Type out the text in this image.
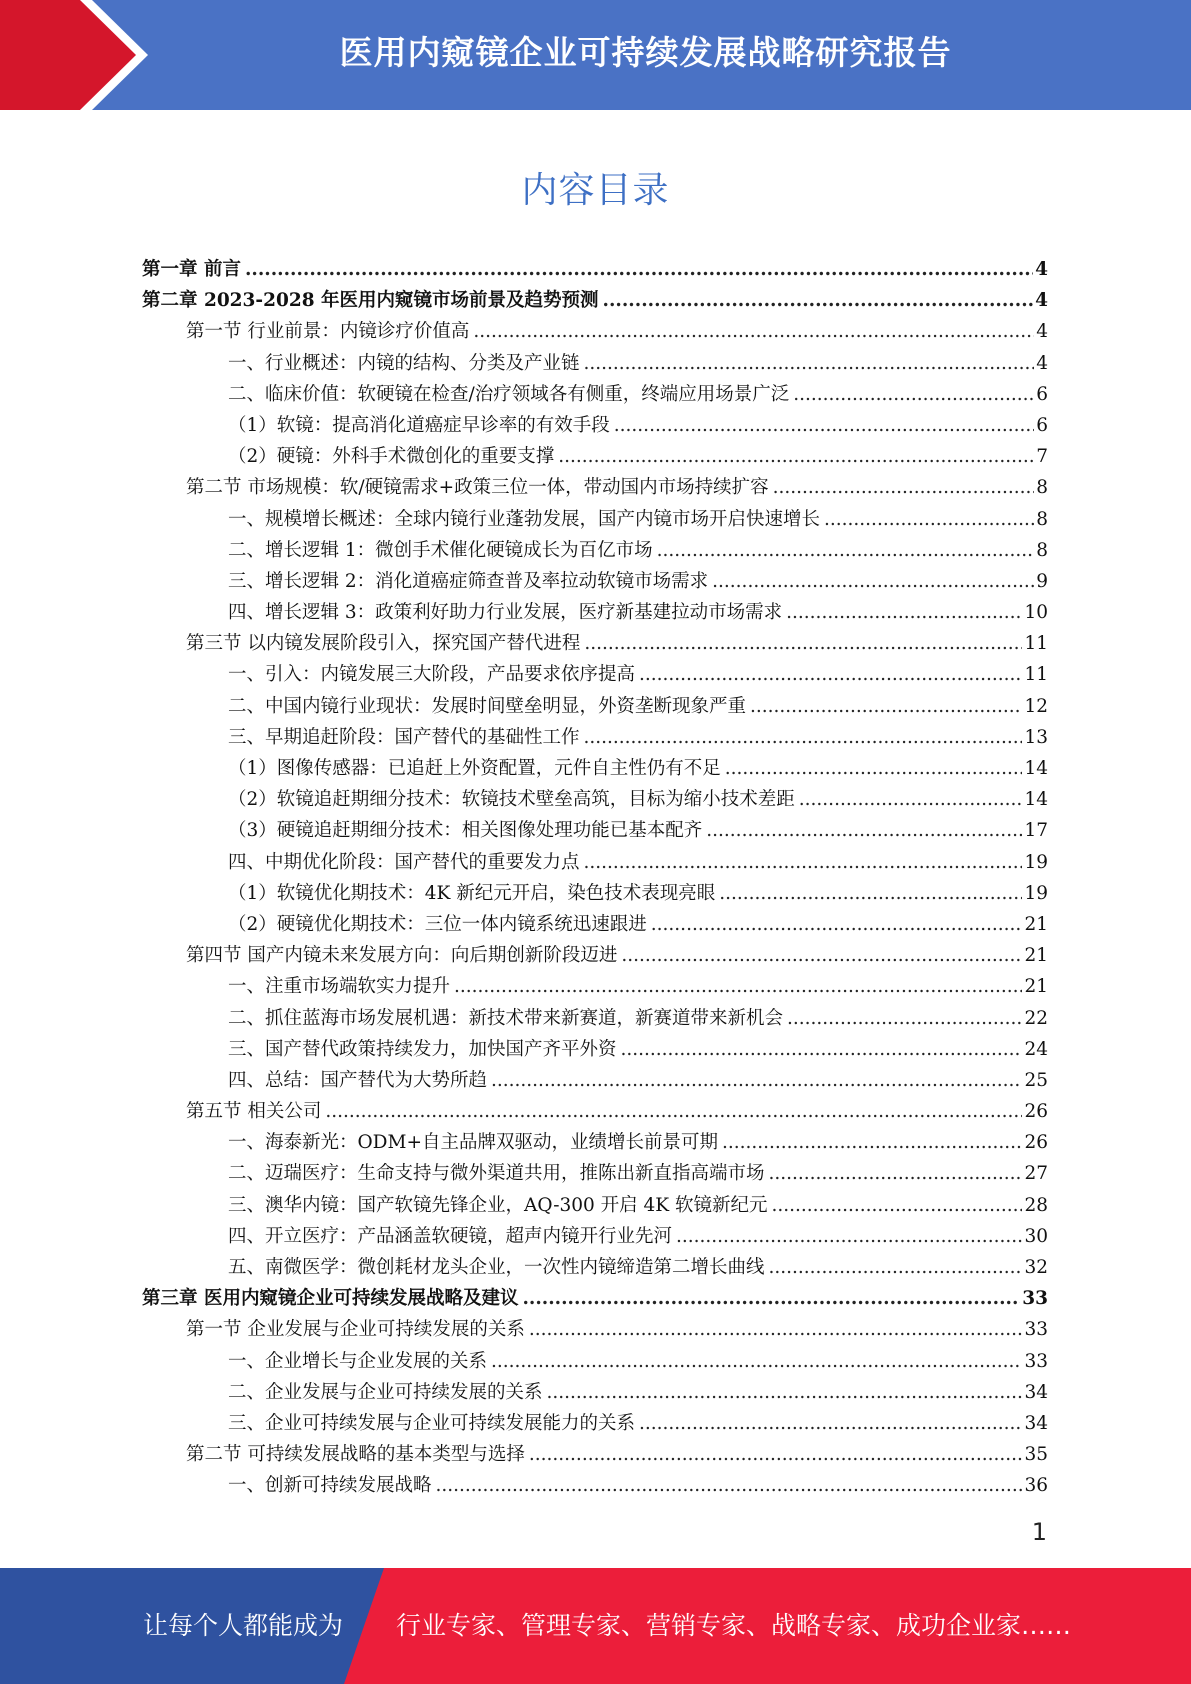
医用内窥镜企业可持续发展战略研究报告
内容目录
第一章 前言 .....	4
第二章 2023-2028 年医用内窥镜市场前景及趋势预测 .....	4
第一节 行业前景：内镜诊疗价值高 .....	4
一、行业概述：内镜的结构、分类及产业链 .....	4
二、临床价值：软硬镜在检查/治疗领域各有侧重，终端应用场景广泛 .....	6
（1）软镜：提高消化道癌症早诊率的有效手段 .....	6
（2）硬镜：外科手术微创化的重要支撑 .....	7
第二节 市场规模：软/硬镜需求+政策三位一体，带动国内市场持续扩容 .....	8
一、规模增长概述：全球内镜行业蓬勃发展，国产内镜市场开启快速增长 .....	8
二、增长逻辑 1：微创手术催化硬镜成长为百亿市场 .....	8
三、增长逻辑 2：消化道癌症筛查普及率拉动软镜市场需求 .....	9
四、增长逻辑 3：政策利好助力行业发展，医疗新基建拉动市场需求 .....	10
第三节 以内镜发展阶段引入，探究国产替代进程 .....	11
一、引入：内镜发展三大阶段，产品要求依序提高 .....	11
二、中国内镜行业现状：发展时间壁垒明显，外资垄断现象严重 .....	12
三、早期追赶阶段：国产替代的基础性工作 .....	13
（1）图像传感器：已追赶上外资配置，元件自主性仍有不足 .....	14
（2）软镜追赶期细分技术：软镜技术壁垒高筑，目标为缩小技术差距 .....	14
（3）硬镜追赶期细分技术：相关图像处理功能已基本配齐 .....	17
四、中期优化阶段：国产替代的重要发力点 .....	19
（1）软镜优化期技术：4K 新纪元开启，染色技术表现亮眼 .....	19
（2）硬镜优化期技术：三位一体内镜系统迅速跟进 .....	21
第四节 国产内镜未来发展方向：向后期创新阶段迈进 .....	21
一、注重市场端软实力提升 .....	21
二、抓住蓝海市场发展机遇：新技术带来新赛道，新赛道带来新机会 .....	22
三、国产替代政策持续发力，加快国产齐平外资 .....	24
四、总结：国产替代为大势所趋 .....	25
第五节 相关公司 .....	26
一、海泰新光：ODM+自主品牌双驱动，业绩增长前景可期 .....	26
二、迈瑞医疗：生命支持与微外渠道共用，推陈出新直指高端市场 .....	27
三、澳华内镜：国产软镜先锋企业，AQ-300 开启 4K 软镜新纪元 .....	28
四、开立医疗：产品涵盖软硬镜，超声内镜开行业先河 .....	30
五、南微医学：微创耗材龙头企业，一次性内镜缔造第二增长曲线 .....	32
第三章 医用内窥镜企业可持续发展战略及建议 .....	33
第一节 企业发展与企业可持续发展的关系 .....	33
一、企业增长与企业发展的关系 .....	33
二、企业发展与企业可持续发展的关系 .....	34
三、企业可持续发展与企业可持续发展能力的关系 .....	34
第二节 可持续发展战略的基本类型与选择 .....	35
一、创新可持续发展战略 .....	36
1
让每个人都能成为 行业专家、管理专家、营销专家、战略专家、成功企业家……
